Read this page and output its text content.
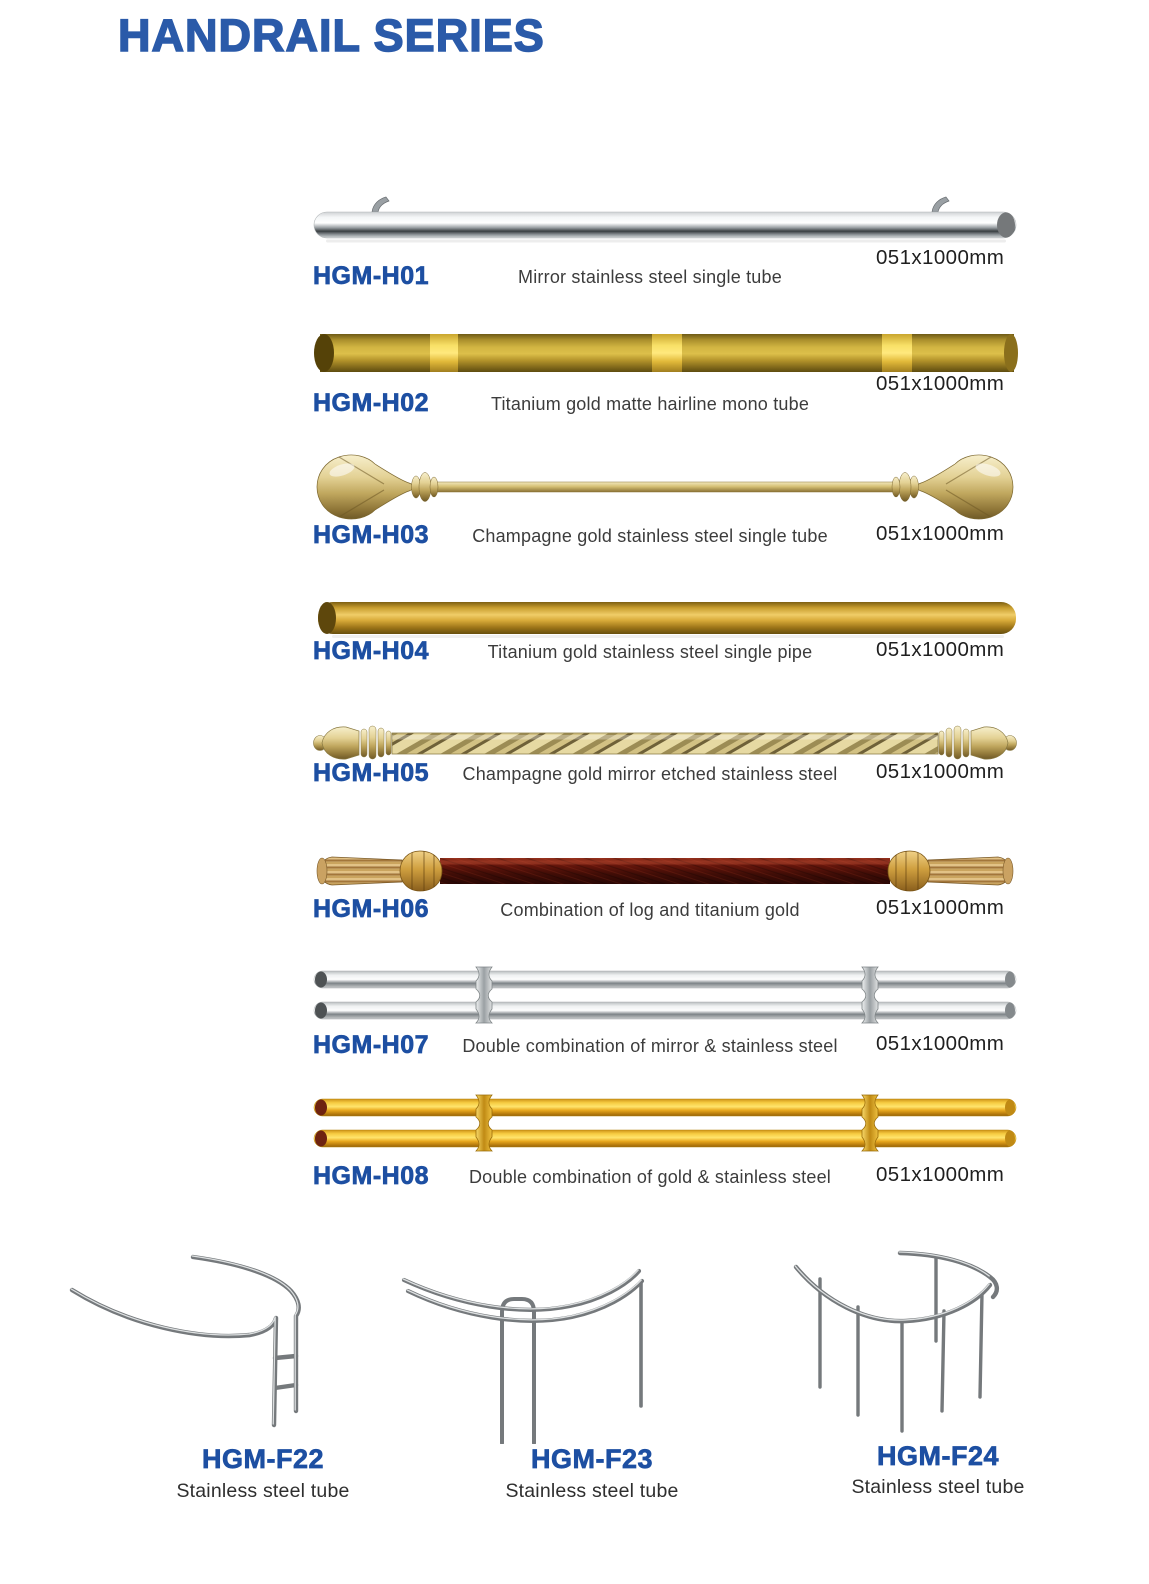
HANDRAIL SERIES
051x1000mm
HGM-H01	Mirror stainless steel single tube
051x1000mm
HGM-H02	Titanium gold matte hairline mono tube
051x1000mm
HGM-H03	Champagne gold stainless steel single tube
051x1000mm
HGM-H04	Titanium gold stainless steel single pipe
051x1000mm
HGM-H05	Champagne gold mirror etched stainless steel
051x1000mm
HGM-H06	Combination of log and titanium gold
051x1000mm
HGM-H07	Double combination of mirror & stainless steel
051x1000mm
HGM-H08	Double combination of gold & stainless steel
HGM-F22
Stainless steel tube
HGM-F23
Stainless steel tube
HGM-F24
Stainless steel tube
